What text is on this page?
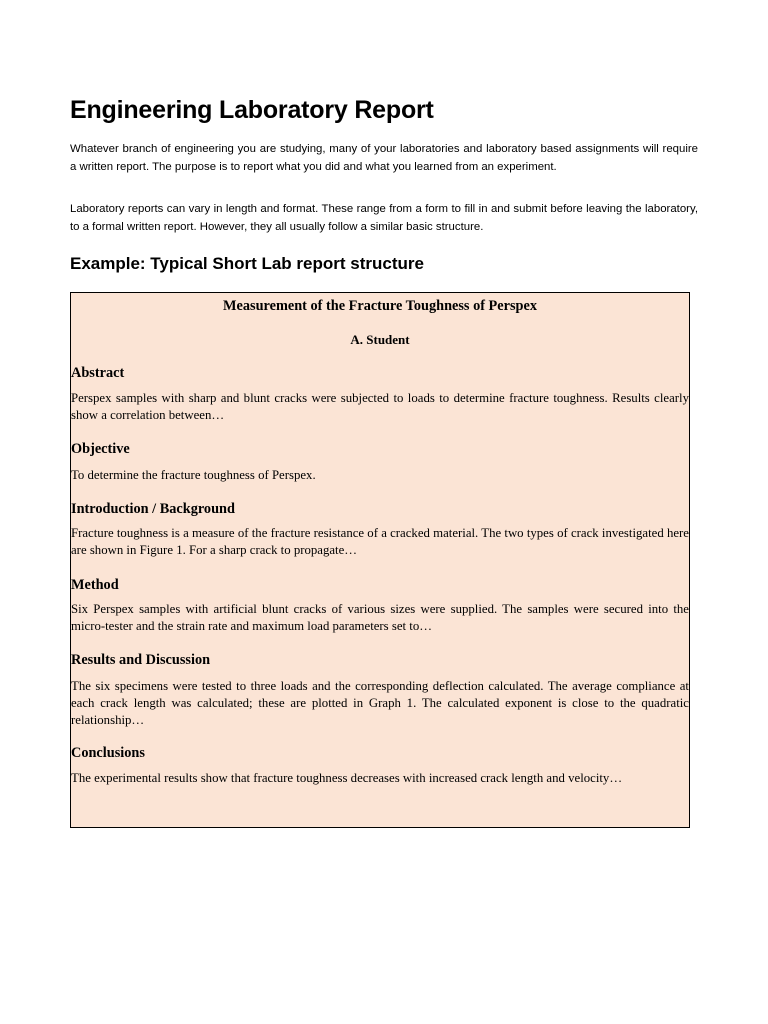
Engineering Laboratory Report

Whatever branch of engineering you are studying, many of your laboratories and laboratory based assignments will require a written report. The purpose is to report what you did and what you learned from an experiment.

Laboratory reports can vary in length and format. These range from a form to fill in and submit before leaving the laboratory, to a formal written report. However, they all usually follow a similar basic structure.

Example: Typical Short Lab report structure

Measurement of the Fracture Toughness of Perspex

A. Student

Abstract

Perspex samples with sharp and blunt cracks were subjected to loads to determine fracture toughness. Results clearly show a correlation between…

Objective

To determine the fracture toughness of Perspex.

Introduction / Background

Fracture toughness is a measure of the fracture resistance of a cracked material. The two types of crack investigated here are shown in Figure 1. For a sharp crack to propagate…

Method

Six Perspex samples with artificial blunt cracks of various sizes were supplied. The samples were secured into the micro-tester and the strain rate and maximum load parameters set to…

Results and Discussion

The six specimens were tested to three loads and the corresponding deflection calculated. The average compliance at each crack length was calculated; these are plotted in Graph 1. The calculated exponent is close to the quadratic relationship…

Conclusions

The experimental results show that fracture toughness decreases with increased crack length and velocity…
